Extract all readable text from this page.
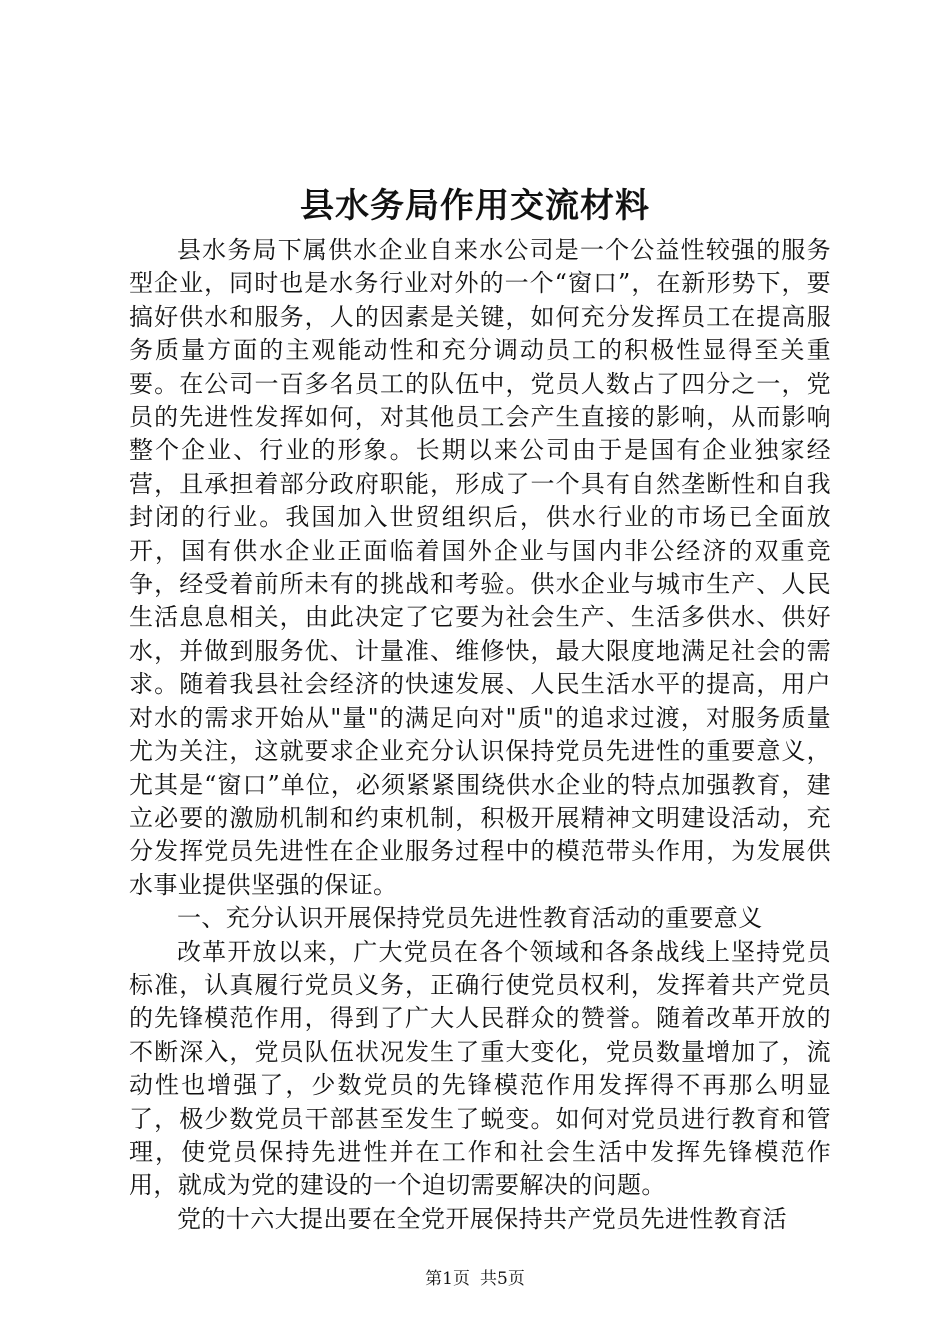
县水务局作用交流材料

县水务局下属供水企业自来水公司是一个公益性较强的服务型企业，同时也是水务行业对外的一个“窗口”，在新形势下，要搞好供水和服务，人的因素是关键，如何充分发挥员工在提高服务质量方面的主观能动性和充分调动员工的积极性显得至关重要。在公司一百多名员工的队伍中，党员人数占了四分之一，党员的先进性发挥如何，对其他员工会产生直接的影响，从而影响整个企业、行业的形象。长期以来公司由于是国有企业独家经营，且承担着部分政府职能，形成了一个具有自然垄断性和自我封闭的行业。我国加入世贸组织后，供水行业的市场已全面放开，国有供水企业正面临着国外企业与国内非公经济的双重竞争，经受着前所未有的挑战和考验。供水企业与城市生产、人民生活息息相关，由此决定了它要为社会生产、生活多供水、供好水，并做到服务优、计量准、维修快，最大限度地满足社会的需求。随着我县社会经济的快速发展、人民生活水平的提高，用户对水的需求开始从"量"的满足向对"质"的追求过渡，对服务质量尤为关注，这就要求企业充分认识保持党员先进性的重要意义，尤其是“窗口”单位，必须紧紧围绕供水企业的特点加强教育，建立必要的激励机制和约束机制，积极开展精神文明建设活动，充分发挥党员先进性在企业服务过程中的模范带头作用，为发展供水事业提供坚强的保证。

一、充分认识开展保持党员先进性教育活动的重要意义

改革开放以来，广大党员在各个领域和各条战线上坚持党员标准，认真履行党员义务，正确行使党员权利，发挥着共产党员的先锋模范作用，得到了广大人民群众的赞誉。随着改革开放的不断深入，党员队伍状况发生了重大变化，党员数量增加了，流动性也增强了，少数党员的先锋模范作用发挥得不再那么明显了，极少数党员干部甚至发生了蜕变。如何对党员进行教育和管理，使党员保持先进性并在工作和社会生活中发挥先锋模范作用，就成为党的建设的一个迫切需要解决的问题。

党的十六大提出要在全党开展保持共产党员先进性教育活

第1页 共5页
